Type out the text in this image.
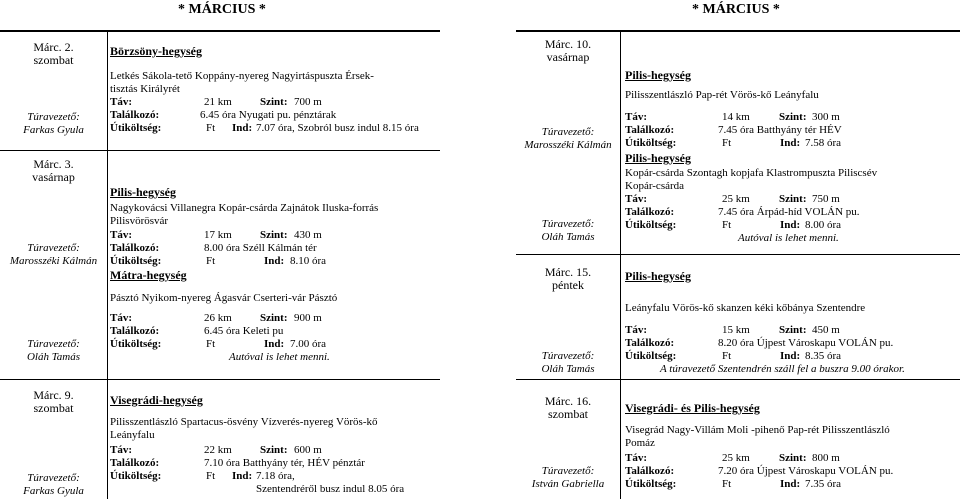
* MÁRCIUS *	* MÁRCIUS *
Márc. 2.
szombat
Túravezető:
Farkas Gyula
Börzsöny-hegység
Letkés Sákola-tető Koppány-nyereg Nagyirtáspuszta Érsek-
tisztás Királyrét
Táv:	21 km	Szint: 700 m
Találkozó:	6.45 óra Nyugati pu. pénztárak
Útiköltség:	Ft Ind: 7.07 óra, Szobról busz indul 8.15 óra
Márc. 3.
vasárnap
Túravezető:
Marosszéki Kálmán
Pilis-hegység
Nagykovácsi Villanegra Kopár-csárda Zajnátok Iluska-forrás
Pilisvörösvár
Táv:	17 km	Szint: 430 m
Találkozó:	8.00 óra Széll Kálmán tér
Útiköltség:	Ft	Ind: 8.10 óra
Túravezető:
Oláh Tamás
Mátra-hegység
Pásztó Nyikom-nyereg Ágasvár Cserteri-vár Pásztó
Táv:	26 km	Szint: 900 m
Találkozó:	6.45 óra Keleti pu
Útiköltség:	Ft	Ind: 7.00 óra
Autóval is lehet menni.
Márc. 9.
szombat
Túravezető:
Farkas Gyula
Visegrádi-hegység
Pilisszentlászló Spartacus-ösvény Vízverés-nyereg Vörös-kő
Leányfalu
Táv:	22 km	Szint: 600 m
Találkozó:	7.10 óra Batthyány tér, HÉV pénztár
Útiköltség:	Ft Ind: 7.18 óra,
Szentendréről busz indul 8.05 óra
Márc. 10.
vasárnap
Túravezető:
Marosszéki Kálmán
Pilis-hegység
Pilisszentlászló Pap-rét Vörös-kő Leányfalu
Táv:	14 km	Szint: 300 m
Találkozó:	7.45 óra Batthyány tér HÉV
Útiköltség:	Ft	Ind: 7.58 óra
Túravezető:
Oláh Tamás
Pilis-hegység
Kopár-csárda Szontagh kopjafa Klastrompuszta Piliscsév
Kopár-csárda
Táv:	25 km	Szint: 750 m
Találkozó:	7.45 óra Árpád-híd VOLÁN pu.
Útiköltség:	Ft	Ind: 8.00 óra
Autóval is lehet menni.
Márc. 15.
péntek
Túravezető:
Oláh Tamás
Pilis-hegység
Leányfalu Vörös-kő skanzen kéki kőbánya Szentendre
Táv:	15 km	Szint: 450 m
Találkozó:	8.20 óra Újpest Városkapu VOLÁN pu.
Útiköltség:	Ft	Ind: 8.35 óra
A túravezető Szentendrén száll fel a buszra 9.00 órakor.
Márc. 16.
szombat
Túravezető:
István Gabriella
Visegrádi- és Pilis-hegység
Visegrád Nagy-Villám Moli -pihenő Pap-rét Pilisszentlászló
Pomáz
Táv:	25 km	Szint: 800 m
Találkozó:	7.20 óra Újpest Városkapu VOLÁN pu.
Útiköltség:	Ft	Ind: 7.35 óra
